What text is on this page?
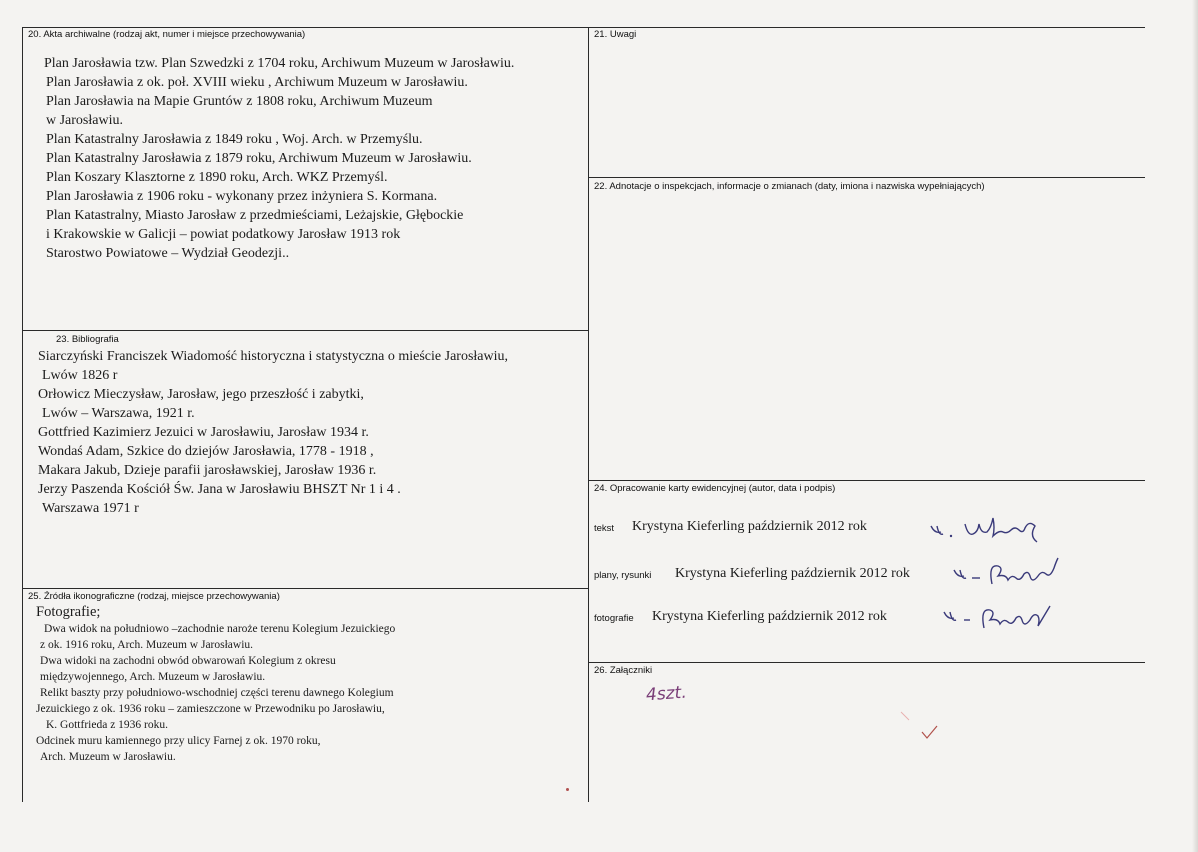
20. Akta archiwalne (rodzaj akt, numer i miejsce przechowywania)
Plan Jarosławia tzw. Plan Szwedzki z 1704 roku, Archiwum Muzeum w Jarosławiu.
Plan Jarosławia z ok. poł. XVIII wieku , Archiwum Muzeum w Jarosławiu.
Plan Jarosławia na Mapie Gruntów z 1808 roku, Archiwum Muzeum
w Jarosławiu.
Plan Katastralny Jarosławia z 1849 roku , Woj. Arch. w Przemyślu.
Plan Katastralny Jarosławia z 1879 roku, Archiwum Muzeum w Jarosławiu.
Plan Koszary Klasztorne z 1890 roku, Arch. WKZ Przemyśl.
Plan Jarosławia z 1906 roku - wykonany przez inżyniera S. Kormana.
Plan Katastralny, Miasto Jarosław z przedmieściami, Leżajskie, Głębockie
i Krakowskie w Galicji – powiat podatkowy Jarosław 1913 rok
Starostwo Powiatowe – Wydział Geodezji..
21. Uwagi
22. Adnotacje o inspekcjach, informacje o zmianach (daty, imiona i nazwiska wypełniających)
23. Bibliografia
Siarczyński Franciszek Wiadomość historyczna i statystyczna o mieście Jarosławiu,
Lwów 1826 r
Orłowicz Mieczysław, Jarosław, jego przeszłość i zabytki,
Lwów – Warszawa, 1921 r.
Gottfried Kazimierz Jezuici w Jarosławiu, Jarosław 1934 r.
Wondaś Adam, Szkice do dziejów Jarosławia, 1778 - 1918 ,
Makara Jakub, Dzieje parafii jarosławskiej, Jarosław 1936 r.
Jerzy Paszenda Kościół Św. Jana w Jarosławiu BHSZT Nr 1 i 4 .
Warszawa 1971 r
24. Opracowanie karty ewidencyjnej (autor, data i podpis)
tekst Krystyna Kieferling październik 2012 rok
plany, rysunki Krystyna Kieferling październik 2012 rok
fotografie Krystyna Kieferling październik 2012 rok
25. Źródła ikonograficzne (rodzaj, miejsce przechowywania)
Fotografie;
Dwa widok na południowo –zachodnie naroże terenu Kolegium Jezuickiego
z ok. 1916 roku, Arch. Muzeum w Jarosławiu.
Dwa widoki na zachodni obwód obwarowań Kolegium z okresu
międzywojennego, Arch. Muzeum w Jarosławiu.
Relikt baszty przy południowo-wschodniej części terenu dawnego Kolegium
Jezuickiego z ok. 1936 roku – zamieszczone w Przewodniku po Jarosławiu,
K. Gottfrieda z 1936 roku.
Odcinek muru kamiennego przy ulicy Farnej z ok. 1970 roku,
Arch. Muzeum w Jarosławiu.
26. Załączniki
4szt.
